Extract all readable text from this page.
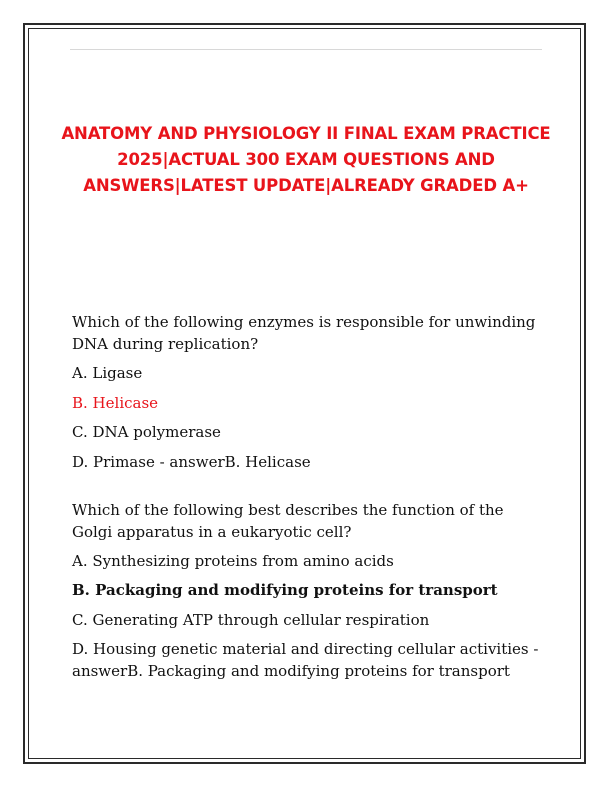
ANATOMY AND PHYSIOLOGY II FINAL EXAM PRACTICE 2025|ACTUAL 300 EXAM QUESTIONS AND ANSWERS|LATEST UPDATE|ALREADY GRADED A+

Which of the following enzymes is responsible for unwinding DNA during replication?

A. Ligase

B. Helicase

C. DNA polymerase

D. Primase - answerB. Helicase

Which of the following best describes the function of the Golgi apparatus in a eukaryotic cell?

A. Synthesizing proteins from amino acids

B. Packaging and modifying proteins for transport

C. Generating ATP through cellular respiration

D. Housing genetic material and directing cellular activities - answerB. Packaging and modifying proteins for transport
